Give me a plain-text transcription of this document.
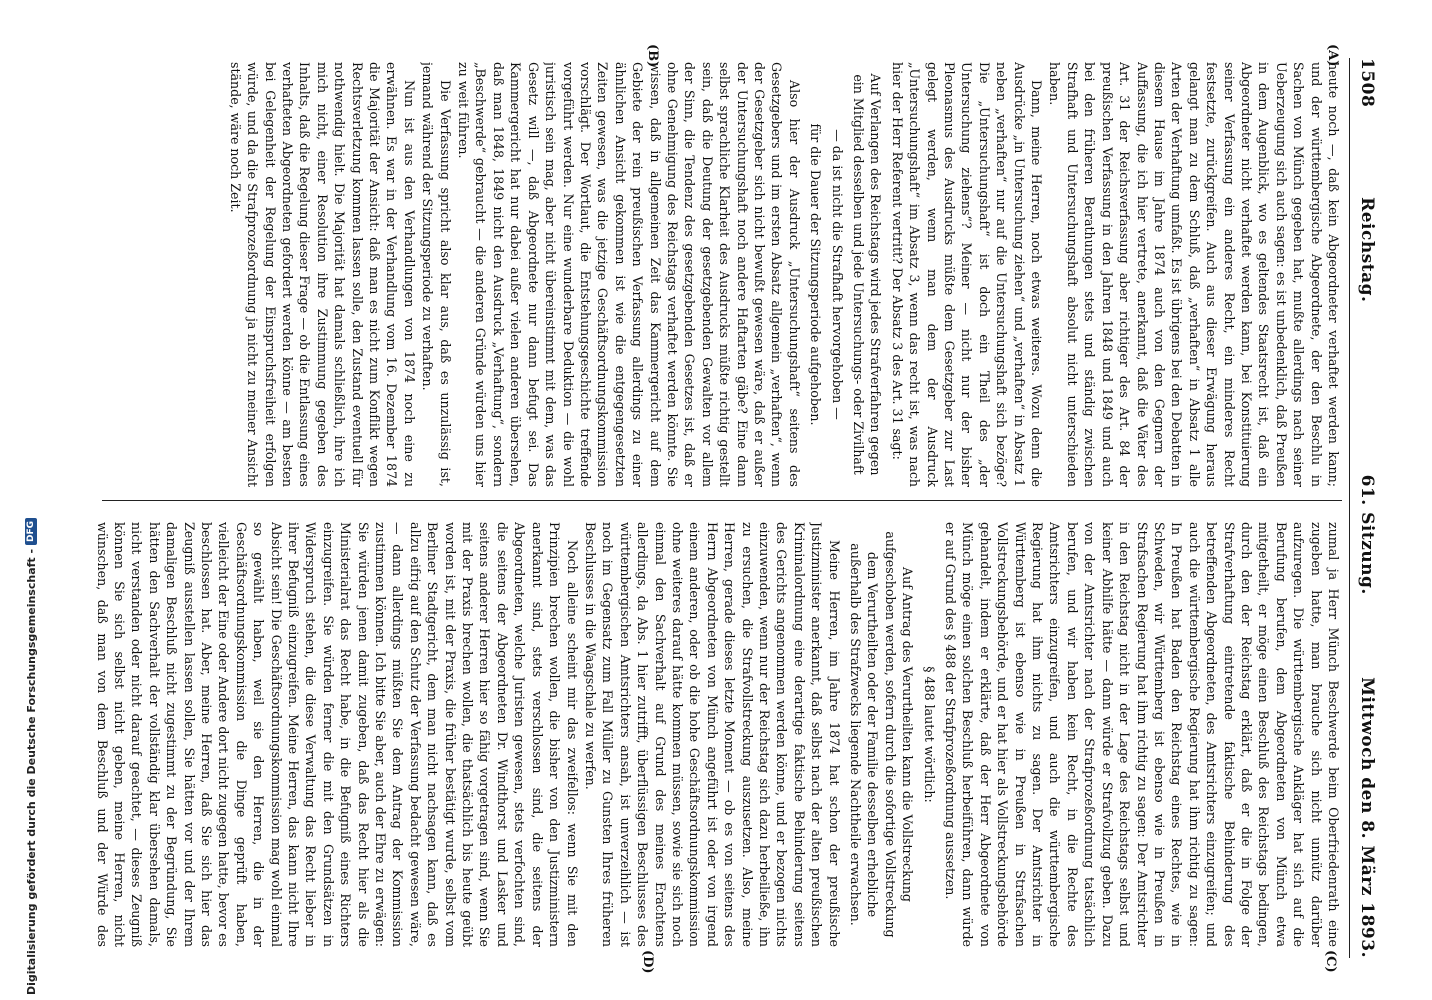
1508
Reichstag.
61. Sitzung.
Mittwoch den 8. März 1893.
(A)
(B)
(C)
(D)

heute noch —, daß kein Abgeordneter verhaftet werden kann; und der württembergische Abgeordnete, der den Beschlu in Sachen von Münch gegeben hat, mußte allerdings nach seiner Ueberzeugung sich auch sagen: es ist unbedenklich, daß Preußen in dem Augenblick, wo es geltendes Staatsrecht ist, daß ein Abgeordneter nicht verhaftet werden kann, bei Konstituierung seiner Verfassung ein anderes Recht, ein minderes Recht festsetzte, zurückgreifen. Auch aus dieser Erwägung heraus gelangt man zu dem Schluß, daß „verhaften“ in Absatz 1 alle Arten der Verhaftung umfaßt. Es ist übrigens bei den Debatten in diesem Hause im Jahre 1874 auch von den Gegnern der Auffassung, die ich hier vertrete, anerkannt, daß die Väter des Art. 31 der Reichsverfassung aber richtiger des Art. 84 der preußischen Verfassung in den Jahren 1848 und 1849 und auch bei den früheren Berathungen stets und ständig zwischen Strafhaft und Untersuchungshaft absolut nicht unterschieden haben.

Dann, meine Herren, noch etwas weiteres. Wozu denn die Ausdrücke „in Untersuchung ziehen“ und „verhaften“ in Absatz 1 neben „verhaften“ nur auf die Untersuchungshaft sich bezöge? Die „Untersuchungshaft“ ist doch ein Theil des „der Untersuchung ziehens“? Meiner — nicht nur der bisher Pleonasmus des Ausdrucks müßte dem Gesetzgeber zur Last gelegt werden, wenn man dem der Ausdruck „Untersuchungshaft“ im Absatz 3, wenn das recht ist, was nach hier der Herr Referent vertritt? Der Absatz 3 des Art. 31 sagt:

Auf Verlangen des Reichstags wird jedes Strafverfahren gegen ein Mitglied desselben und jede Untersuchungs- oder Zivilhaft

— da ist nicht die Strafhaft hervorgehoben —

für die Dauer der Sitzungsperiode aufgehoben.

Also hier der Ausdruck „Untersuchungshaft“ seitens des Gesetzgebers und im ersten Absatz allgemein „verhaften“, wenn der Gesetzgeber sich nicht bewußt gewesen wäre, daß er außer der Untersuchungshaft noch andere Haftarten gäbe? Eine dann selbst sprachliche Klarheit des Ausdrucks müßte richtig gestellt sein, daß die Deutung der gesetzgebenden Gewalten vor allem der Sinn, die Tendenz des gesetzgebenden Gesetzes ist, daß er ohne Genehmigung des Reichstags verhaftet werden könnte. Sie wissen, daß in allgemeinen Zeit das Kammergericht auf dem Gebiete der rein preußischen Verfassung allerdings zu einer ähnlichen Ansicht gekommen ist wie die entgegengesetzten Zeiten gewesen, was die jetzige Geschäftsordnungskommission vorschlägt. Der Wortlaut, die Entstehungsgeschichte treffende vorgeführt werden. Nur eine wunderbare Deduktion — die wohl juristisch sein mag, aber nicht übereinstimmt mit dem, was das Gesetz will —, daß Abgeordnete nur dann befugt sei. Das Kammergericht hat nur dabei außer vielen anderen übersehen, daß man 1848, 1849 nicht den Ausdruck „Verhaftung“, sondern „Beschwerde“ gebraucht — die anderen Gründe würden uns hier zu weit führen.

Die Verfassung spricht also klar aus, daß es unzulässig ist, jemand während der Sitzungsperiode zu verhaften.

Nun ist aus den Verhandlungen von 1874 noch eine zu erwähnen. Es war in der Verhandlung vom 16. Dezember 1874 die Majorität der Ansicht: daß man es nicht zum Konflikt wegen Rechtsverletzung kommen lassen solle, den Zustand eventuell für nothwendig hielt. Die Majorität hat damals schließlich, ihre ich mich nicht, einer Resolution ihre Zustimmung gegeben des Inhalts, daß die Regelung dieser Frage — ob die Entlassung eines verhafteten Abgeordneten gefordert werden könne — am besten bei Gelegenheit der Regelung der Einspruchsfreiheit erfolgen würde, und da die Strafprozeßordnung ja nicht zu meiner Ansicht stände, wäre noch Zeit.

zumal ja Herr Münch Beschwerde beim Oberfriedenrath eine zugeben hatte, man brauche sich nicht unnütz darüber aufzuregen. Die württembergische Ankläger hat sich auf die Berufung berufen, dem Abgeordneten von Münch etwa mitgetheilt, er möge einen Beschluß des Reichstags bedingen, durch den der Reichstag erklärt, daß er die in Folge der Strafverhaftung eintretende faktische Behinderung des betreffenden Abgeordneten, des Amtsrichters einzugreifen; und auch die württembergische Regierung hat ihm richtig zu sagen: In Preußen hat Baden den Reichstag eines Rechtes, wie in Schweden, wir Württemberg ist ebenso wie in Preußen in Strafsachen Regierung hat ihm richtig zu sagen: Der Amtsrichter in den Reichstag nicht in der Lage des Reichstags selbst und keiner Abhilfe hätte — dann würde er Strafvollzug geben. Dazu von der Amtsrichter nach der Strafprozeßordnung tatsächlich berufen, und wir haben kein Recht, in die Rechte des Amtsrichters einzugreifen, und auch die württembergische Regierung hat ihm nichts zu sagen. Der Amtsrichter in Württemberg ist ebenso wie in Preußen in Strafsachen Vollstreckungsbehörde, und er hat hier als Vollstreckungsbehörde gehandelt, indem er erklärte, daß der Herr Abgeordnete von Münch möge einen solchen Beschluß herbeiführen, dann würde er auf Grund des § 488 der Strafprozeßordnung aussetzen.

§ 488 lautet wörtlich:

Auf Antrag des Verurtheilten kann die Vollstreckung aufgeschoben werden, sofern durch die sofortige Vollstreckung dem Verurtheilten oder der Familie desselben erhebliche außerhalb des Strafzwecks liegende Nachtheile erwachsen.

Meine Herren, im Jahre 1874 hat schon der preußische Justizminister anerkannt, daß selbst nach der alten preußischen Kriminalordnung eine derartige faktische Behinderung seitens des Gerichts angenommen werden könne, und er bezogen nichts einzuwenden, wenn nur der Reichstag sich dazu herbeiließe, ihn zu ersuchen, die Strafvollstreckung auszusetzen. Also, meine Herren, gerade dieses letzte Moment — ob es von seitens des Herrn Abgeordneten von Münch angeführt ist oder von irgend einem anderen, oder ob die hohe Geschäftsordnungskommission ohne weiteres darauf hätte kommen müssen, sowie sie sich noch einmal den Sachverhalt auf Grund des meines Erachtens allerdings, da Abs. 1 hier zutrifft, überflüssigen Beschlusses des württembergischen Amtsrichters ansah, ist unverzeihlich — ist noch im Gegensatz zum Fall Müller zu Gunsten Ihres früheren Beschlusses in die Waagschale zu werfen.

Noch alleine scheint mir das zweifellos: wenn Sie mit den Prinzipien brechen wollen, die bisher von den Justizministern anerkannt sind, stets verschlossen sind, die seitens der Abgeordneten, welche Juristen gewesen, stets verfochten sind, die seitens der Abgeordneten Dr. Windthorst und Lasker und seitens anderer Herren hier so fähig vorgetragen sind, wenn Sie mit der Praxis brechen wollen, die thatsächlich bis heute geübt worden ist, mit der Praxis, die früher bestätigt wurde, selbst vom Berliner Stadtgericht, dem man nicht nachsagen kann, daß es allzu eifrig auf den Schutz der Verfassung bedacht gewesen wäre, — dann allerdings müßten Sie dem Antrag der Kommission zustimmen können. Ich bitte Sie aber, auch der Ehre zu erwägen: Sie würden jenen damit zugeben, daß das Recht hier als die Ministerialrat das Recht habe, in die Befugniß eines Richters einzugreifen. Sie würden ferner die mit den Grundsätzen in Widerspruch stehen, die diese Verwaltung das Recht lieber in ihrer Befugniß einzugreifen. Meine Herren, das kann nicht Ihre Absicht sein! Die Geschäftsordnungskommission mag wohl einmal so gewählt haben, weil sie den Herren, die in der Geschäftsordnungskommission die Dinge geprüft haben, vielleicht der Eine oder Andere dort nicht zugegen hatte, bevor es beschlossen hat. Aber, meine Herren, daß Sie sich hier das Zeugniß ausstellen lassen sollen, Sie hätten vor und der Ihrem damaligen Beschluß nicht zugestimmt zu der Begründung, Sie hätten den Sachverhalt der vollständig klar übersehen damals, nicht verstanden oder nicht darauf geachtet, — dieses Zeugniß können Sie sich selbst nicht geben, meine Herren, nicht wünschen, daß man von dem Beschluß und der Würde des

Digitalisierung gefördert durch die Deutsche Forschungsgemeinschaft -
DFG
